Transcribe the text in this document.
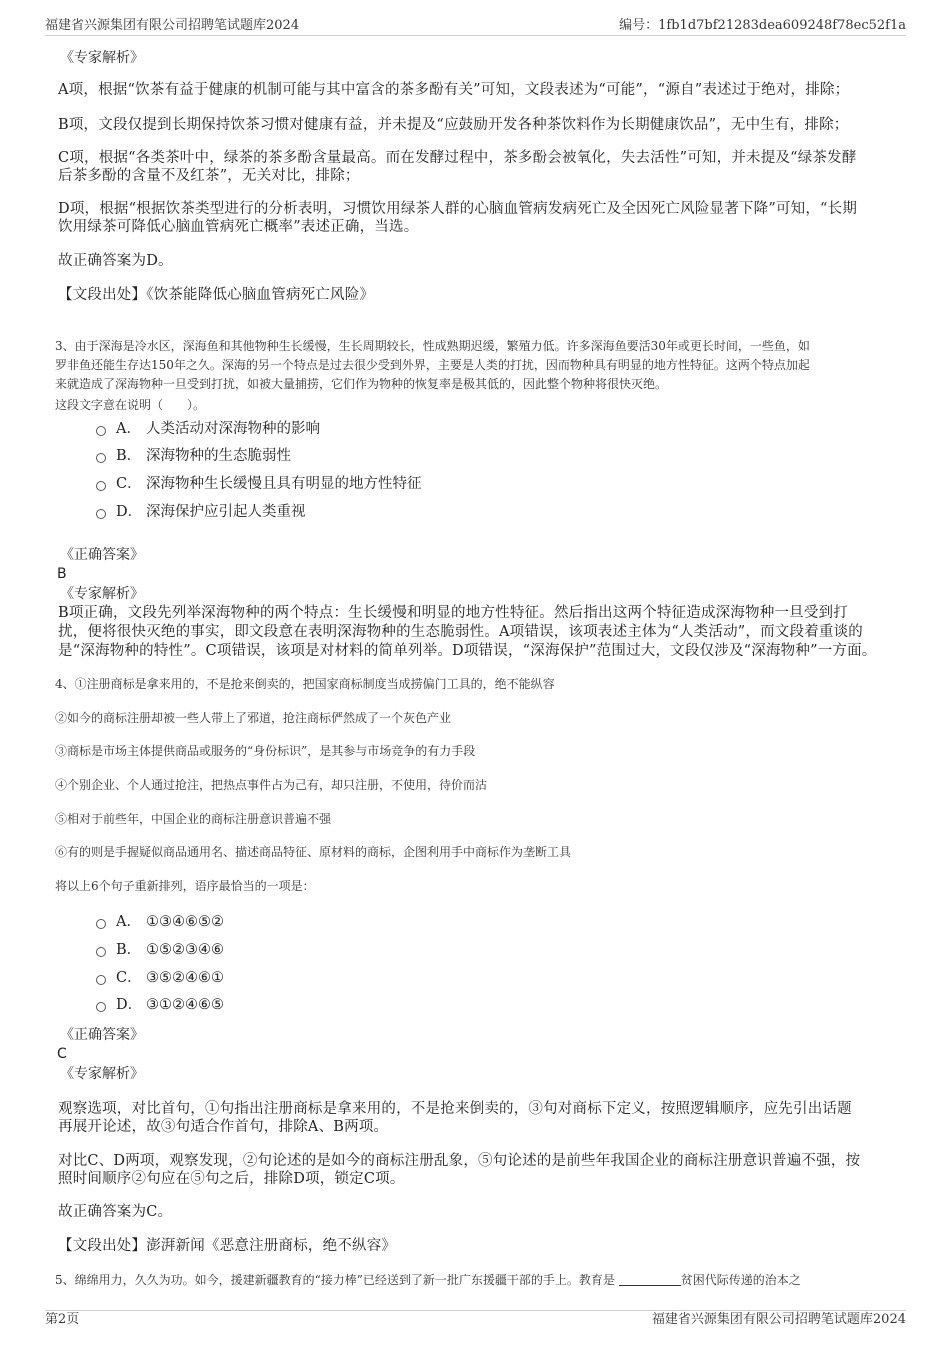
福建省兴源集团有限公司招聘笔试题库2024	编号：1fb1d7bf21283dea609248f78ec52f1a
《专家解析》
A项，根据“饮茶有益于健康的机制可能与其中富含的茶多酚有关”可知，文段表述为“可能”，“源自”表述过于绝对，排除；
B项，文段仅提到长期保持饮茶习惯对健康有益，并未提及“应鼓励开发各种茶饮料作为长期健康饮品”，无中生有，排除；
C项，根据“各类茶叶中，绿茶的茶多酚含量最高。而在发酵过程中，茶多酚会被氧化，失去活性”可知，并未提及“绿茶发酵
后茶多酚的含量不及红茶”，无关对比，排除；
D项，根据“根据饮茶类型进行的分析表明，习惯饮用绿茶人群的心脑血管病发病死亡及全因死亡风险显著下降”可知，“长期
饮用绿茶可降低心脑血管病死亡概率”表述正确，当选。
故正确答案为D。
【文段出处】《饮茶能降低心脑血管病死亡风险》
3、由于深海是冷水区，深海鱼和其他物种生长缓慢，生长周期较长，性成熟期迟缓，繁殖力低。许多深海鱼要活30年或更长时间，一些鱼，如
罗非鱼还能生存达150年之久。深海的另一个特点是过去很少受到外界，主要是人类的打扰，因而物种具有明显的地方性特征。这两个特点加起
来就造成了深海物种一旦受到打扰，如被大量捕捞，它们作为物种的恢复率是极其低的，因此整个物种将很快灭绝。
这段文字意在说明（　　）。
A． 人类活动对深海物种的影响
B． 深海物种的生态脆弱性
C． 深海物种生长缓慢且具有明显的地方性特征
D． 深海保护应引起人类重视
《正确答案》
B
《专家解析》
B项正确，文段先列举深海物种的两个特点：生长缓慢和明显的地方性特征。然后指出这两个特征造成深海物种一旦受到打
扰，便将很快灭绝的事实，即文段意在表明深海物种的生态脆弱性。A项错误，该项表述主体为“人类活动”，而文段着重谈的
是“深海物种的特性”。C项错误，该项是对材料的简单列举。D项错误，“深海保护”范围过大，文段仅涉及“深海物种”一方面。
4、①注册商标是拿来用的，不是抢来倒卖的，把国家商标制度当成捞偏门工具的，绝不能纵容
②如今的商标注册却被一些人带上了邪道，抢注商标俨然成了一个灰色产业
③商标是市场主体提供商品或服务的“身份标识”，是其参与市场竞争的有力手段
④个别企业、个人通过抢注，把热点事件占为己有，却只注册，不使用，待价而沽
⑤相对于前些年，中国企业的商标注册意识普遍不强
⑥有的则是手握疑似商品通用名、描述商品特征、原材料的商标，企图利用手中商标作为垄断工具
将以上6个句子重新排列，语序最恰当的一项是：
A． ①③④⑥⑤②
B． ①⑤②③④⑥
C． ③⑤②④⑥①
D． ③①②④⑥⑤
《正确答案》
C
《专家解析》
观察选项，对比首句，①句指出注册商标是拿来用的，不是抢来倒卖的，③句对商标下定义，按照逻辑顺序，应先引出话题
再展开论述，故③句适合作首句，排除A、B两项。
对比C、D两项，观察发现，②句论述的是如今的商标注册乱象，⑤句论述的是前些年我国企业的商标注册意识普遍不强，按
照时间顺序②句应在⑤句之后，排除D项，锁定C项。
故正确答案为C。
【文段出处】澎湃新闻《恶意注册商标，绝不纵容》
5、绵绵用力，久久为功。如今，援建新疆教育的“接力棒”已经送到了新一批广东援疆干部的手上。教育是	贫困代际传递的治本之
第2页	福建省兴源集团有限公司招聘笔试题库2024
